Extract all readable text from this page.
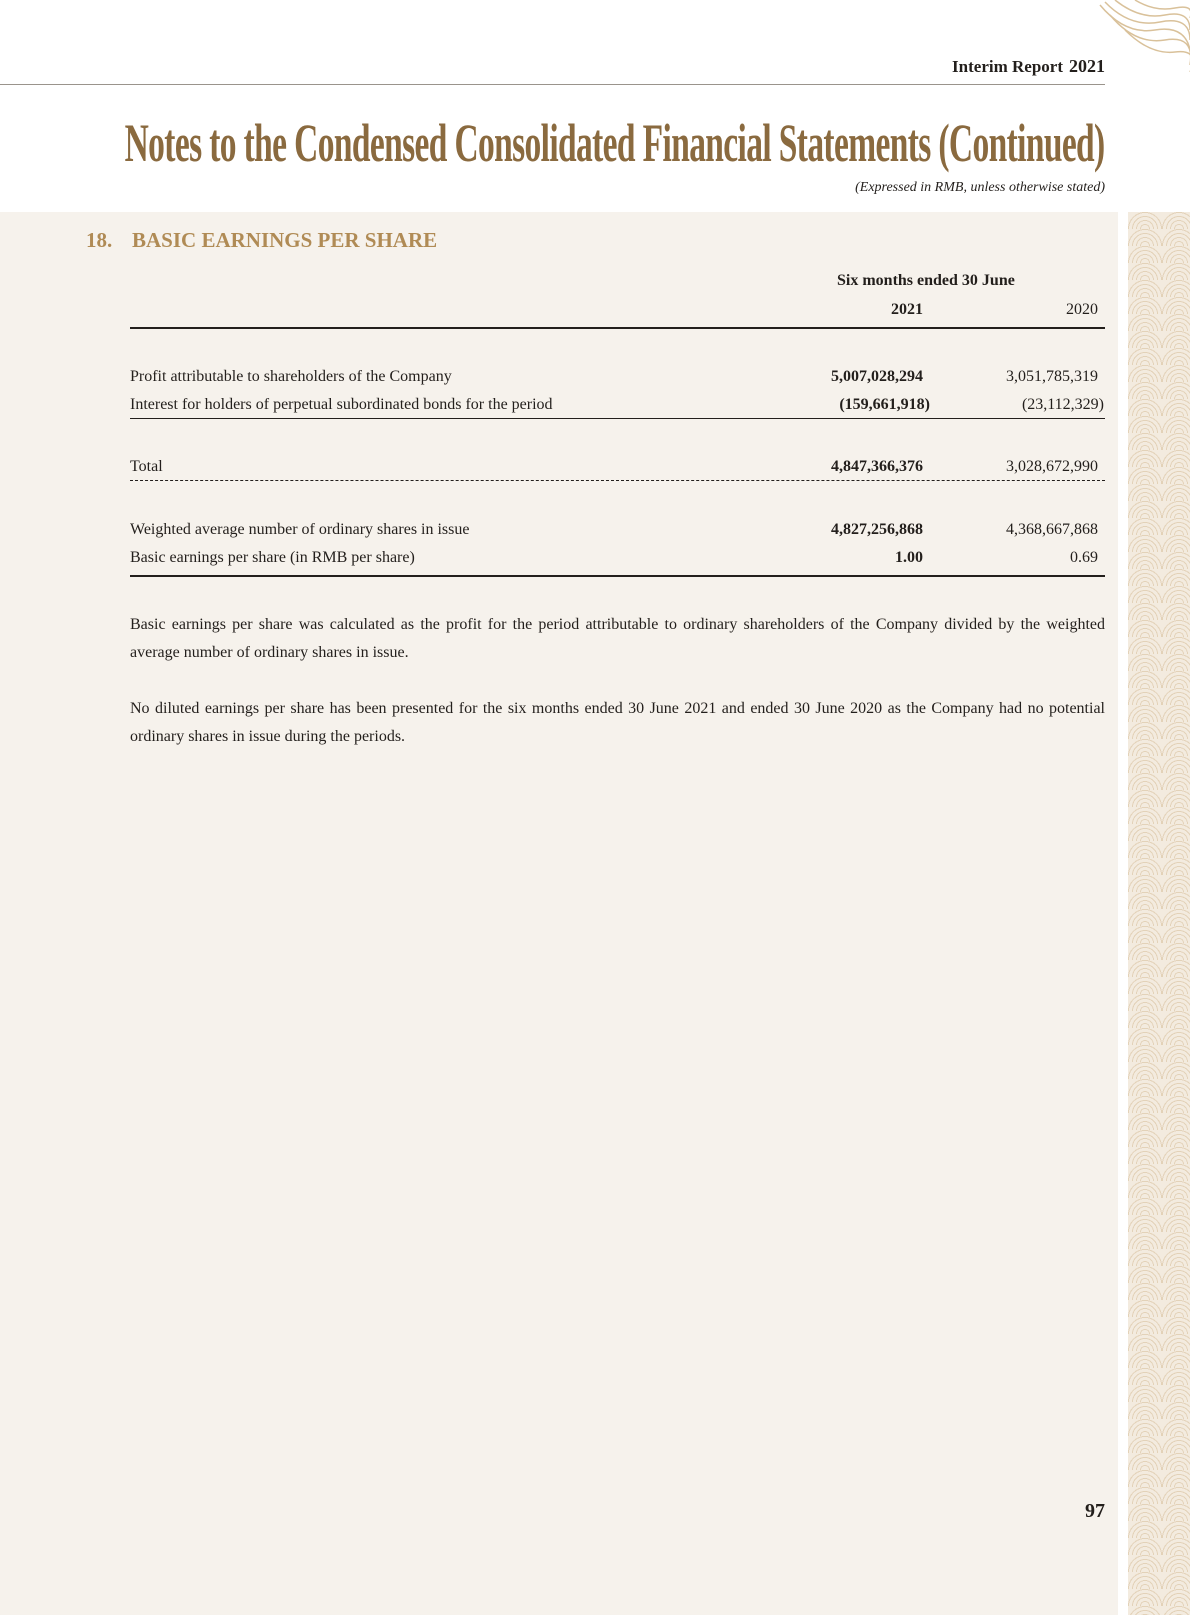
Interim Report 2021
Notes to the Condensed Consolidated Financial Statements (Continued)
(Expressed in RMB, unless otherwise stated)
18. BASIC EARNINGS PER SHARE
Six months ended 30 June
2021	2020
Profit attributable to shareholders of the Company	5,007,028,294	3,051,785,319
Interest for holders of perpetual subordinated bonds for the period	(159,661,918)	(23,112,329)
Total	4,847,366,376	3,028,672,990
Weighted average number of ordinary shares in issue	4,827,256,868	4,368,667,868
Basic earnings per share (in RMB per share)	1.00	0.69
Basic earnings per share was calculated as the profit for the period attributable to ordinary shareholders of the Company divided by the weighted average number of ordinary shares in issue.
No diluted earnings per share has been presented for the six months ended 30 June 2021 and ended 30 June 2020 as the Company had no potential ordinary shares in issue during the periods.
97
